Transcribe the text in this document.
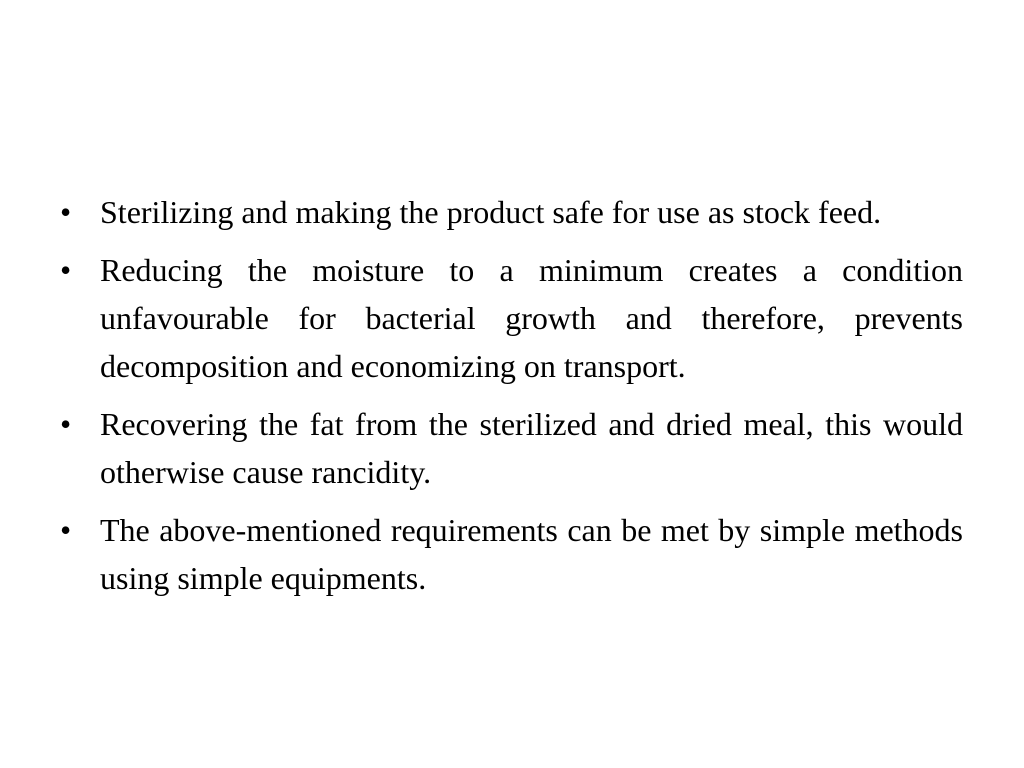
• Sterilizing and making the product safe for use as stock feed.

• Reducing the moisture to a minimum creates a condition unfavourable for bacterial growth and therefore, prevents decomposition and economizing on transport.

• Recovering the fat from the sterilized and dried meal, this would otherwise cause rancidity.

• The above-mentioned requirements can be met by simple methods using simple equipments.
